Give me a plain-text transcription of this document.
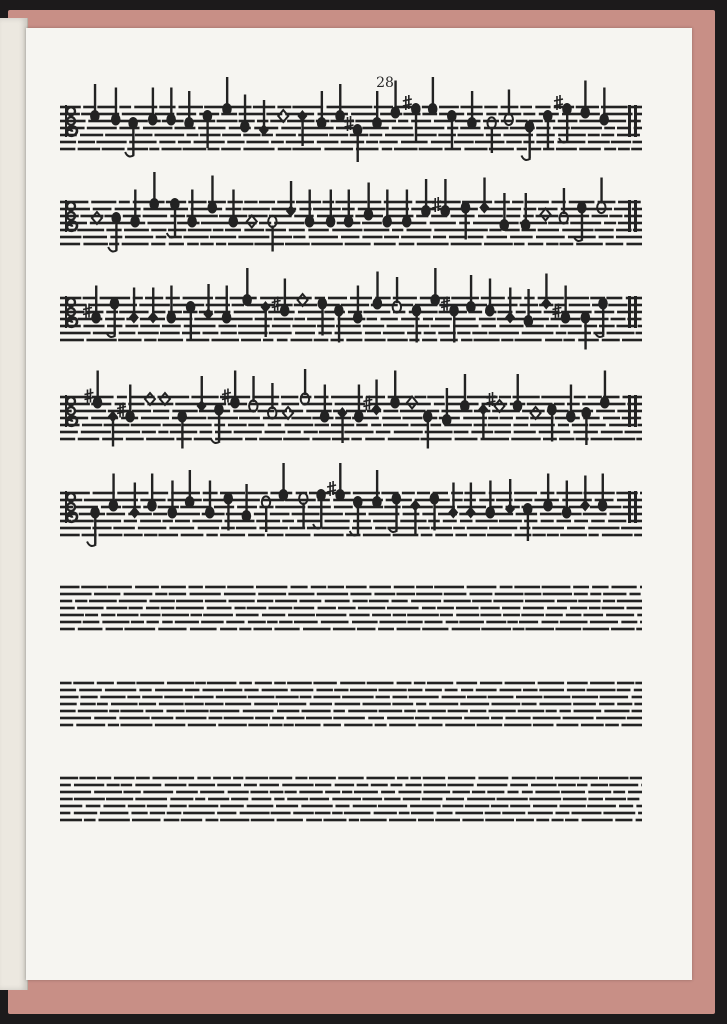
28
